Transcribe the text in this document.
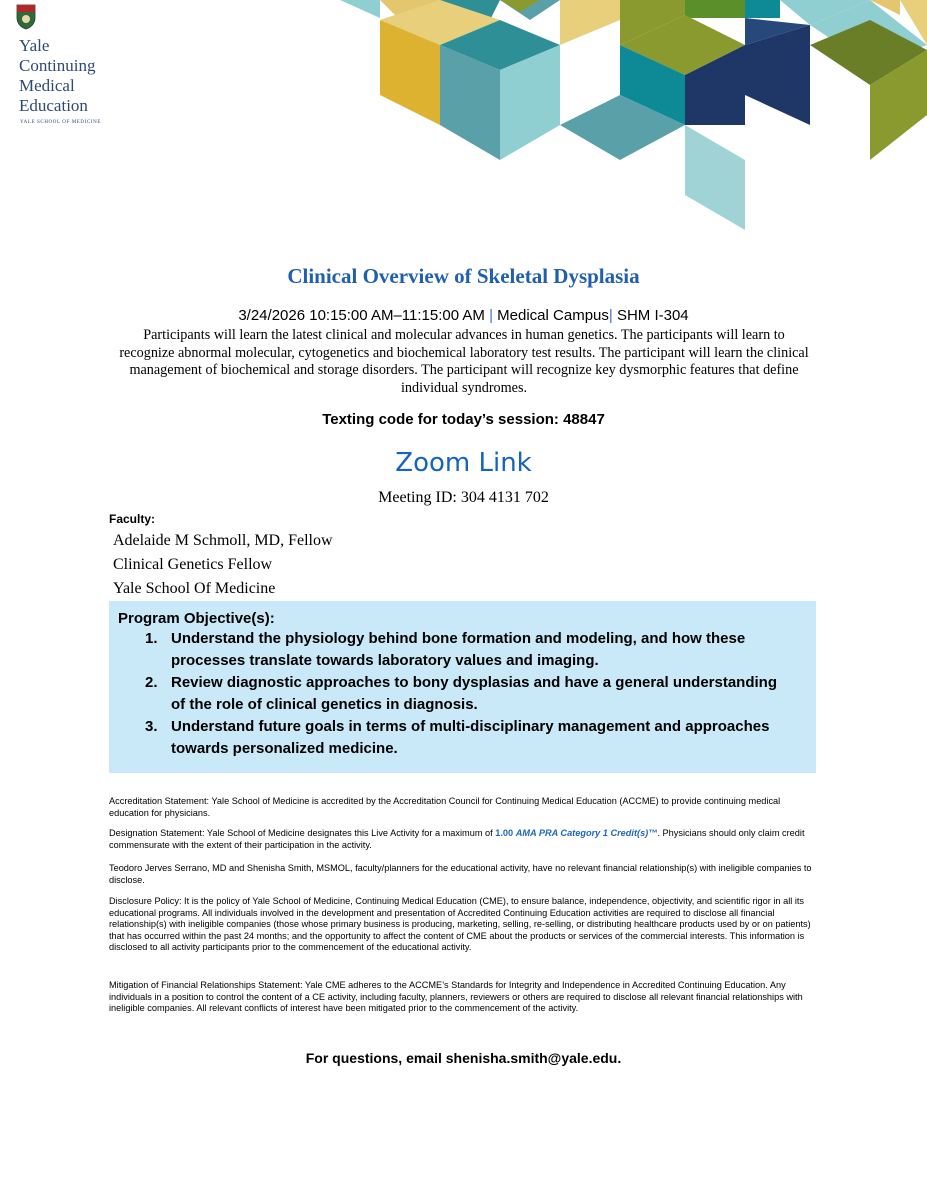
Yale
Continuing
Medical
Education
YALE SCHOOL OF MEDICINE
Clinical Overview of Skeletal Dysplasia
3/24/2026 10:15:00 AM–11:15:00 AM | Medical Campus| SHM I-304
Participants will learn the latest clinical and molecular advances in human genetics. The participants will learn to recognize abnormal molecular, cytogenetics and biochemical laboratory test results. The participant will learn the clinical management of biochemical and storage disorders. The participant will recognize key dysmorphic features that define individual syndromes.
Texting code for today’s session: 48847
Zoom Link
Meeting ID: 304 4131 702
Faculty:
Adelaide M Schmoll, MD, Fellow
Clinical Genetics Fellow
Yale School Of Medicine
Program Objective(s):
1. Understand the physiology behind bone formation and modeling, and how these processes translate towards laboratory values and imaging.
2. Review diagnostic approaches to bony dysplasias and have a general understanding of the role of clinical genetics in diagnosis.
3. Understand future goals in terms of multi-disciplinary management and approaches towards personalized medicine.
Accreditation Statement: Yale School of Medicine is accredited by the Accreditation Council for Continuing Medical Education (ACCME) to provide continuing medical education for physicians.
Designation Statement: Yale School of Medicine designates this Live Activity for a maximum of 1.00 AMA PRA Category 1 Credit(s)™. Physicians should only claim credit commensurate with the extent of their participation in the activity.
Teodoro Jerves Serrano, MD and Shenisha Smith, MSMOL, faculty/planners for the educational activity, have no relevant financial relationship(s) with ineligible companies to disclose.
Disclosure Policy: It is the policy of Yale School of Medicine, Continuing Medical Education (CME), to ensure balance, independence, objectivity, and scientific rigor in all its educational programs. All individuals involved in the development and presentation of Accredited Continuing Education activities are required to disclose all financial relationship(s) with ineligible companies (those whose primary business is producing, marketing, selling, re-selling, or distributing healthcare products used by or on patients) that has occurred within the past 24 months; and the opportunity to affect the content of CME about the products or services of the commercial interests. This information is disclosed to all activity participants prior to the commencement of the educational activity.
Mitigation of Financial Relationships Statement: Yale CME adheres to the ACCME’s Standards for Integrity and Independence in Accredited Continuing Education. Any individuals in a position to control the content of a CE activity, including faculty, planners, reviewers or others are required to disclose all relevant financial relationships with ineligible companies. All relevant conflicts of interest have been mitigated prior to the commencement of the activity.
For questions, email shenisha.smith@yale.edu.
